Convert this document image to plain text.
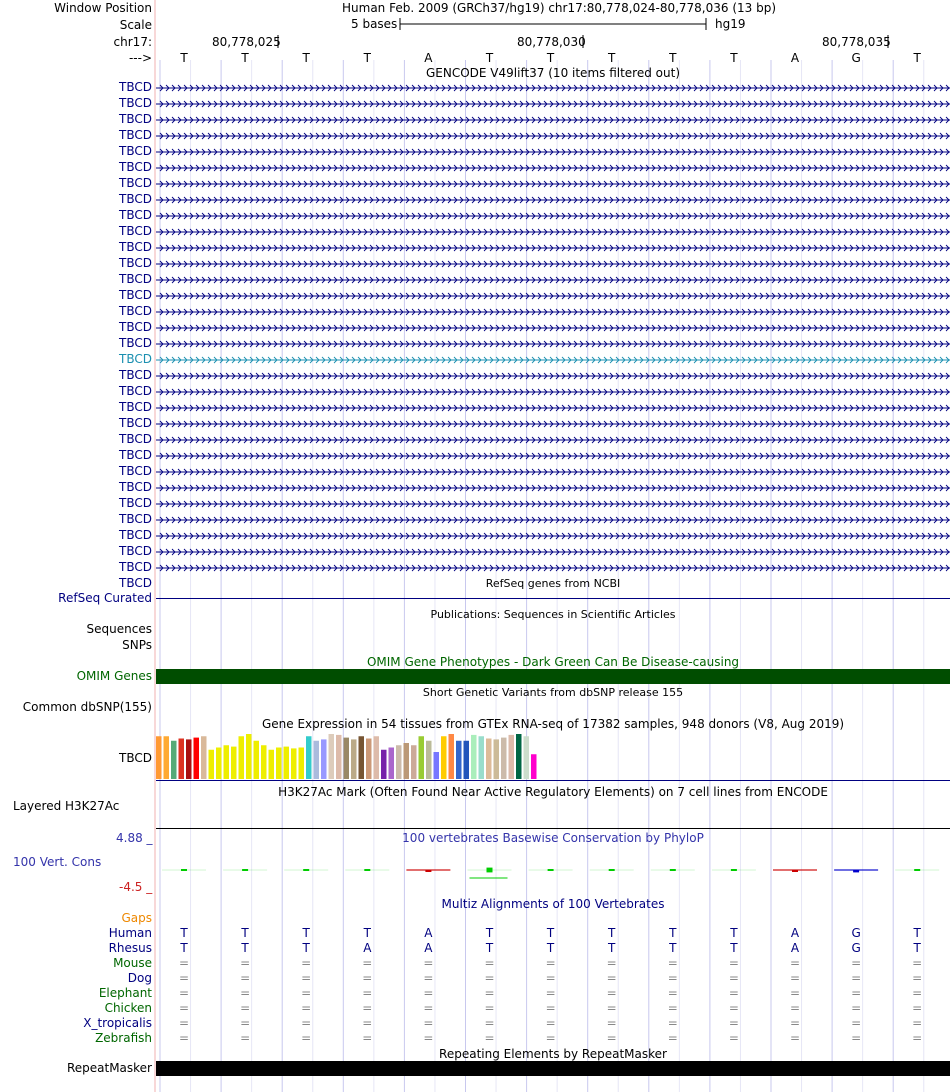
Window Position	Human Feb. 2009 (GRCh37/hg19) chr17:80,778,024-80,778,036 (13 bp)
Scale	5 bases	hg19
chr17:	80,778,025	80,778,030	80,778,035
--->	T	T	T	T	A	T	T	T	T	T	A	G	T
GENCODE V49lift37 (10 items filtered out)
TBCD
TBCD
TBCD
TBCD
TBCD
TBCD
TBCD
TBCD
TBCD
TBCD
TBCD
TBCD
TBCD
TBCD
TBCD
TBCD
TBCD
TBCD
TBCD
TBCD
TBCD
TBCD
TBCD
TBCD
TBCD
TBCD
TBCD
TBCD
TBCD
TBCD
TBCD
TBCD	RefSeq genes from NCBI
RefSeq Curated
Publications: Sequences in Scientific Articles
Sequences
SNPs
OMIM Gene Phenotypes - Dark Green Can Be Disease-causing
OMIM Genes
Short Genetic Variants from dbSNP release 155
Common dbSNP(155)
Gene Expression in 54 tissues from GTEx RNA-seq of 17382 samples, 948 donors (V8, Aug 2019)
TBCD
H3K27Ac Mark (Often Found Near Active Regulatory Elements) on 7 cell lines from ENCODE
Layered H3K27Ac
100 vertebrates Basewise Conservation by PhyloP
4.88 _
100 Vert. Cons
-4.5 _
Multiz Alignments of 100 Vertebrates
Gaps
Human	T	T	T	T	A	T	T	T	T	T	A	G	T
Rhesus	T	T	T	A	A	T	T	T	T	T	A	G	T
Mouse	=	=	=	=	=	=	=	=	=	=	=	=	=
Dog	=	=	=	=	=	=	=	=	=	=	=	=	=
Elephant	=	=	=	=	=	=	=	=	=	=	=	=	=
Chicken	=	=	=	=	=	=	=	=	=	=	=	=	=
X_tropicalis	=	=	=	=	=	=	=	=	=	=	=	=	=
Zebrafish	=	=	=	=	=	=	=	=	=	=	=	=	=
Repeating Elements by RepeatMasker
RepeatMasker
